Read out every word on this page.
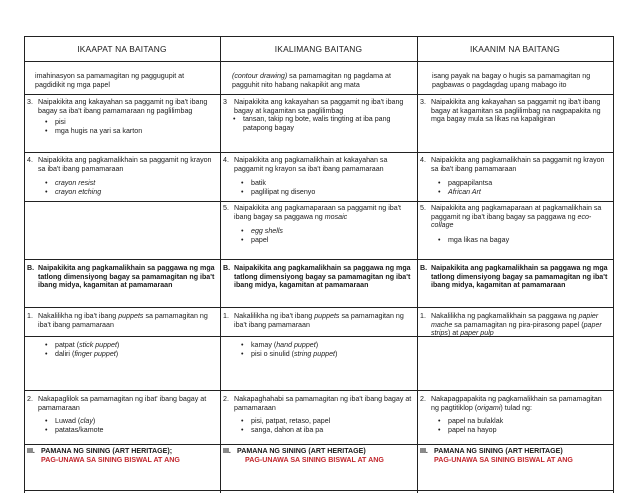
IKAAPAT NA BAITANG	IKALIMANG BAITANG	IKAANIM NA BAITANG
imahinasyon sa pamamagitan ng paggugupit at pagdidikit ng mga papel
3. Naipakikita ang kakayahan sa paggamit ng iba't ibang bagay sa iba't ibang pamamaraan ng paglilimbag
• pisi
• mga hugis na yari sa karton
4. Naipakikita ang pagkamalikhain sa paggamit ng krayon sa iba't ibang pamamaraan
• crayon resist
• crayon etching
B. Naipakikita ang pagkamalikhain sa paggawa ng mga tatlong dimensiyong bagay sa pamamagitan ng iba't ibang midya, kagamitan at pamamaraan
1. Nakalilikha ng iba't ibang puppets sa pamamagitan ng iba't ibang pamamaraan
• patpat (stick puppet)
• daliri (finger puppet)
2. Nakapaglilok sa pamamagitan ng ibat' ibang bagay at pamamaraan
• Luwad (clay)
• patatas/kamote
III. PAMANA NG SINING (ART HERITAGE);
PAG-UNAWA SA SINING BISWAL AT ANG
(contour drawing) sa pamamagitan ng pagdama at pagguhit nito habang nakapikit ang mata
3 Naipakikita ang kakayahan sa paggamit ng iba't ibang bagay at kagamitan sa paglilimbag
• tansan, takip ng bote, walis tingting at iba pang patapong bagay
4. Naipakikita ang pagkamalikhain at kakayahan sa paggamit ng krayon sa iba't ibang pamamaraan
• batik
• paglilipat ng disenyo
5. Naipakikita ang pagkamaparaan sa paggamit ng iba't ibang bagay sa paggawa ng mosaic
• egg shells
• papel
B. Naipakikita ang pagkamalikhain sa paggawa ng mga tatlong dimensiyong bagay sa pamamagitan ng iba't ibang midya, kagamitan at pamamaraan
1. Nakalilikha ng iba't ibang puppets sa pamamagitan ng iba't ibang pamamaraan
• kamay (hand puppet)
• pisi o sinulid (string puppet)
2. Nakapaghahabi sa pamamagitan ng iba't ibang bagay at pamamaraan
• pisi, patpat, retaso, papel
• sanga, dahon at iba pa
III. PAMANA NG SINING (ART HERITAGE)
PAG-UNAWA SA SINING BISWAL AT ANG
isang payak na bagay o hugis sa pamamagitan ng pagbawas o pagdagdag upang mabago ito
3. Naipakikita ang kakayahan sa paggamit ng iba't ibang bagay at kagamitan sa paglilimbag na nagpapakita ng mga bagay mula sa likas na kapaligiran
4. Naipakikita ang pagkamalikhain sa paggamit ng krayon sa iba't ibang pamamaraan
• pagpapilantsa
• African Art
5. Naipakikita ang pagkamaparaan at pagkamalikhain sa paggamit ng iba't ibang bagay sa paggawa ng eco-collage
• mga likas na bagay
B. Naipakikita ang pagkamalikhain sa paggawa ng mga tatlong dimensiyong bagay sa pamamagitan ng iba't ibang midya, kagamitan at pamamaraan
1. Nakalilikha ng pagkamalikhain sa paggawa ng papier mache sa pamamagitan ng pira-pirasong papel (paper strips) at paper pulp
2. Nakapagpapakita ng pagkamalikhain sa pamamagitan ng pagtitiklop (origami) tulad ng:
• papel na bulaklak
• papel na hayop
III. PAMANA NG SINING (ART HERITAGE)
PAG-UNAWA SA SINING BISWAL AT ANG
